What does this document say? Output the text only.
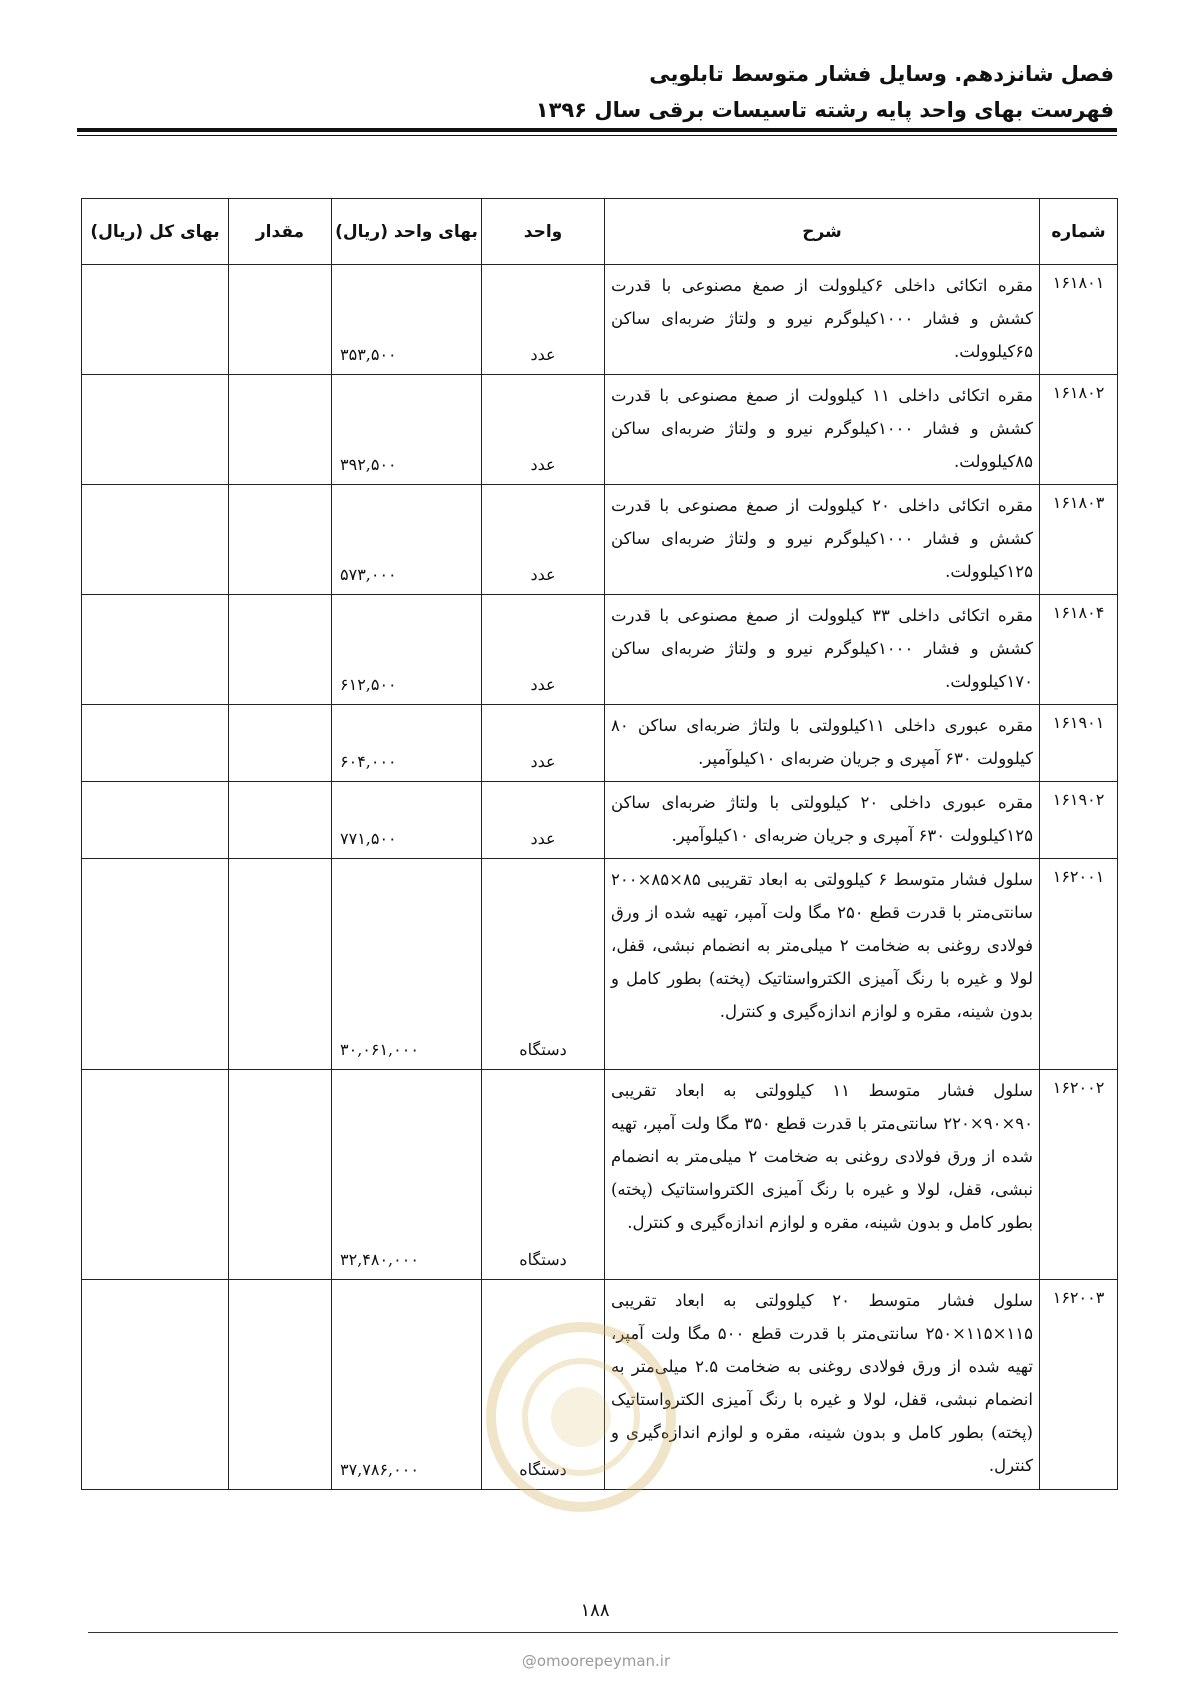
فصل شانزدهم. وسایل فشار متوسط تابلویی
فهرست بهای واحد پایه رشته تاسیسات برقی سال ۱۳۹۶
شماره	شرح	واحد	بهای واحد (ریال)	مقدار	بهای کل (ریال)
۱۶۱۸۰۱	مقره اتکائی داخلی ۶کیلوولت از صمغ مصنوعی با قدرت کشش و فشار ۱۰۰۰کیلوگرم نیرو و ولتاژ ضربه‌ای ساکن ۶۵کیلوولت.	عدد	۳۵۳,۵۰۰		
۱۶۱۸۰۲	مقره اتکائی داخلی ۱۱ کیلوولت از صمغ مصنوعی با قدرت کشش و فشار ۱۰۰۰کیلوگرم نیرو و ولتاژ ضربه‌ای ساکن ۸۵کیلوولت.	عدد	۳۹۲,۵۰۰		
۱۶۱۸۰۳	مقره اتکائی داخلی ۲۰ کیلوولت از صمغ مصنوعی با قدرت کشش و فشار ۱۰۰۰کیلوگرم نیرو و ولتاژ ضربه‌ای ساکن ۱۲۵کیلوولت.	عدد	۵۷۳,۰۰۰		
۱۶۱۸۰۴	مقره اتکائی داخلی ۳۳ کیلوولت از صمغ مصنوعی با قدرت کشش و فشار ۱۰۰۰کیلوگرم نیرو و ولتاژ ضربه‌ای ساکن ۱۷۰کیلوولت.	عدد	۶۱۲,۵۰۰		
۱۶۱۹۰۱	مقره عبوری داخلی ۱۱کیلوولتی با ولتاژ ضربه‌ای ساکن ۸۰ کیلوولت ۶۳۰ آمپری و جریان ضربه‌ای ۱۰کیلوآمپر.	عدد	۶۰۴,۰۰۰		
۱۶۱۹۰۲	مقره عبوری داخلی ۲۰ کیلوولتی با ولتاژ ضربه‌ای ساکن ۱۲۵کیلوولت ۶۳۰ آمپری و جریان ضربه‌ای ۱۰کیلوآمپر.	عدد	۷۷۱,۵۰۰		
۱۶۲۰۰۱	سلول فشار متوسط ۶ کیلوولتی به ابعاد تقریبی ۸۵×۸۵×۲۰۰ سانتی‌متر با قدرت قطع ۲۵۰ مگا ولت آمپر، تهیه شده از ورق فولادی روغنی به ضخامت ۲ میلی‌متر به انضمام نبشی، قفل، لولا و غیره با رنگ آمیزی الکترواستاتیک (پخته) بطور کامل و بدون شینه، مقره و لوازم اندازه‌گیری و کنترل.	دستگاه	۳۰,۰۶۱,۰۰۰		
۱۶۲۰۰۲	سلول فشار متوسط ۱۱ کیلوولتی به ابعاد تقریبی ۹۰×۹۰×۲۲۰ سانتی‌متر با قدرت قطع ۳۵۰ مگا ولت آمپر، تهیه شده از ورق فولادی روغنی به ضخامت ۲ میلی‌متر به انضمام نبشی، قفل، لولا و غیره با رنگ آمیزی الکترواستاتیک (پخته) بطور کامل و بدون شینه، مقره و لوازم اندازه‌گیری و کنترل.	دستگاه	۳۲,۴۸۰,۰۰۰		
۱۶۲۰۰۳	سلول فشار متوسط ۲۰ کیلوولتی به ابعاد تقریبی ۱۱۵×۱۱۵×۲۵۰ سانتی‌متر با قدرت قطع ۵۰۰ مگا ولت آمپر، تهیه شده از ورق فولادی روغنی به ضخامت ۲.۵ میلی‌متر به انضمام نبشی، قفل، لولا و غیره با رنگ آمیزی الکترواستاتیک (پخته) بطور کامل و بدون شینه، مقره و لوازم اندازه‌گیری و کنترل.	دستگاه	۳۷,۷۸۶,۰۰۰		
۱۸۸
@omoorepeyman.ir
